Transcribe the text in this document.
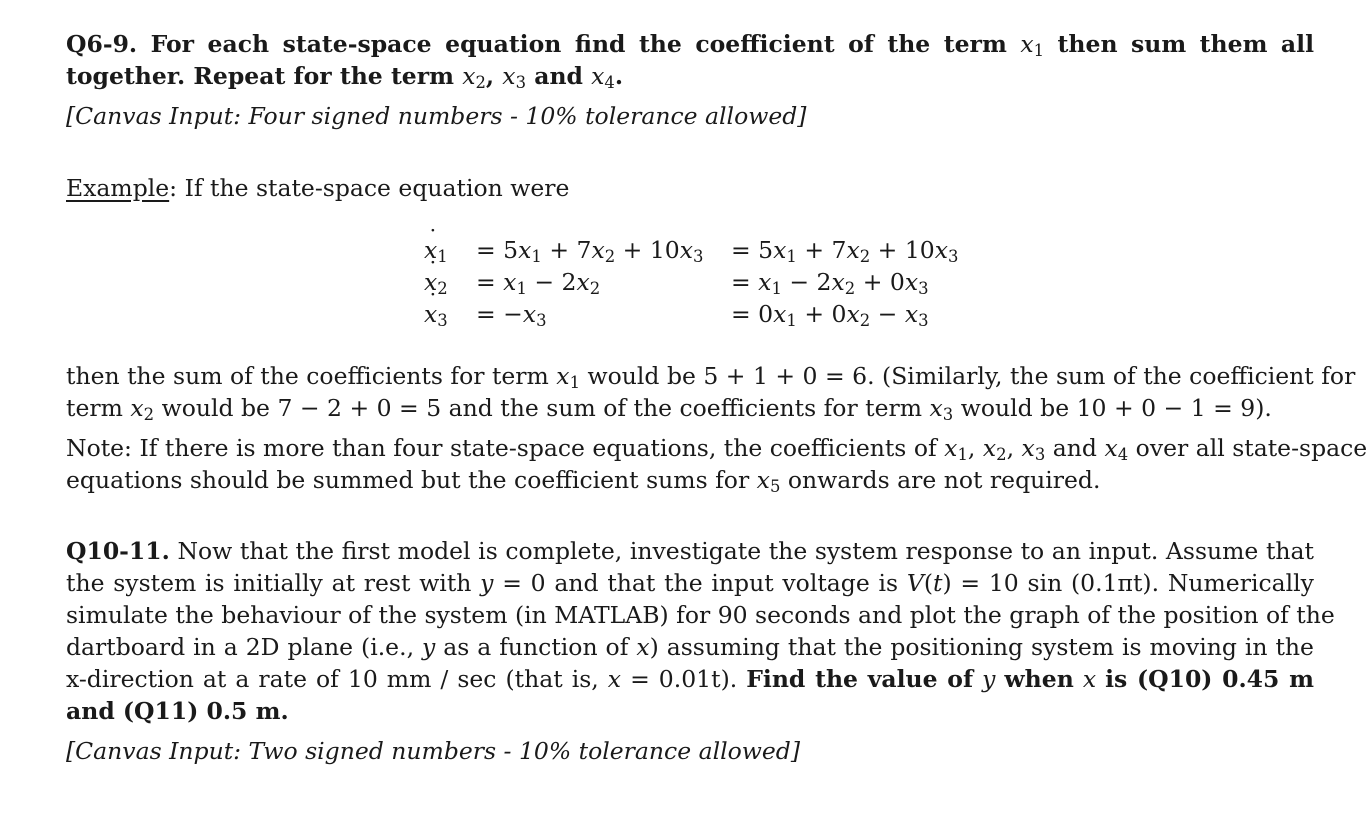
Q6-9. For each state-space equation find the coefficient of the term $x_1$ then sum them all
together. Repeat for the term $x_2$, $x_3$ and $x_4$.
[Canvas Input: Four signed numbers - 10% tolerance allowed]
Example: If the state-space equation were
˙ $x_1 = 5x_1 + 7x_2 + 10x_3 = 5x_1 + 7x_2 + 10x_3$
˙ $x_2 = x_1 - 2x_2$	= $x_1 - 2x_2 + 0x_3$
˙ $x_3 = -x_3$	= $0x_1 + 0x_2 - x_3$
then the sum of the coefficients for term $x_1$ would be 5 + 1 + 0 = 6. (Similarly, the sum of the coefficient for
term $x_2$ would be 7 − 2 + 0 = 5 and the sum of the coefficients for term $x_3$ would be 10 + 0 − 1 = 9).
Note: If there is more than four state-space equations, the coefficients of $x_1$, $x_2$, $x_3$ and $x_4$ over all state-space
equations should be summed but the coefficient sums for $x_5$ onwards are not required.
Q10-11. Now that the first model is complete, investigate the system response to an input. Assume that
the system is initially at rest with y = 0 and that the input voltage is V(t) = 10 sin (0.1πt). Numerically
simulate the behaviour of the system (in MATLAB) for 90 seconds and plot the graph of the position of the
dartboard in a 2D plane (i.e., y as a function of x) assuming that the positioning system is moving in the
x-direction at a rate of 10 mm / sec (that is, x = 0.01t). Find the value of y when x is (Q10) 0.45 m
and (Q11) 0.5 m.
[Canvas Input: Two signed numbers - 10% tolerance allowed]
